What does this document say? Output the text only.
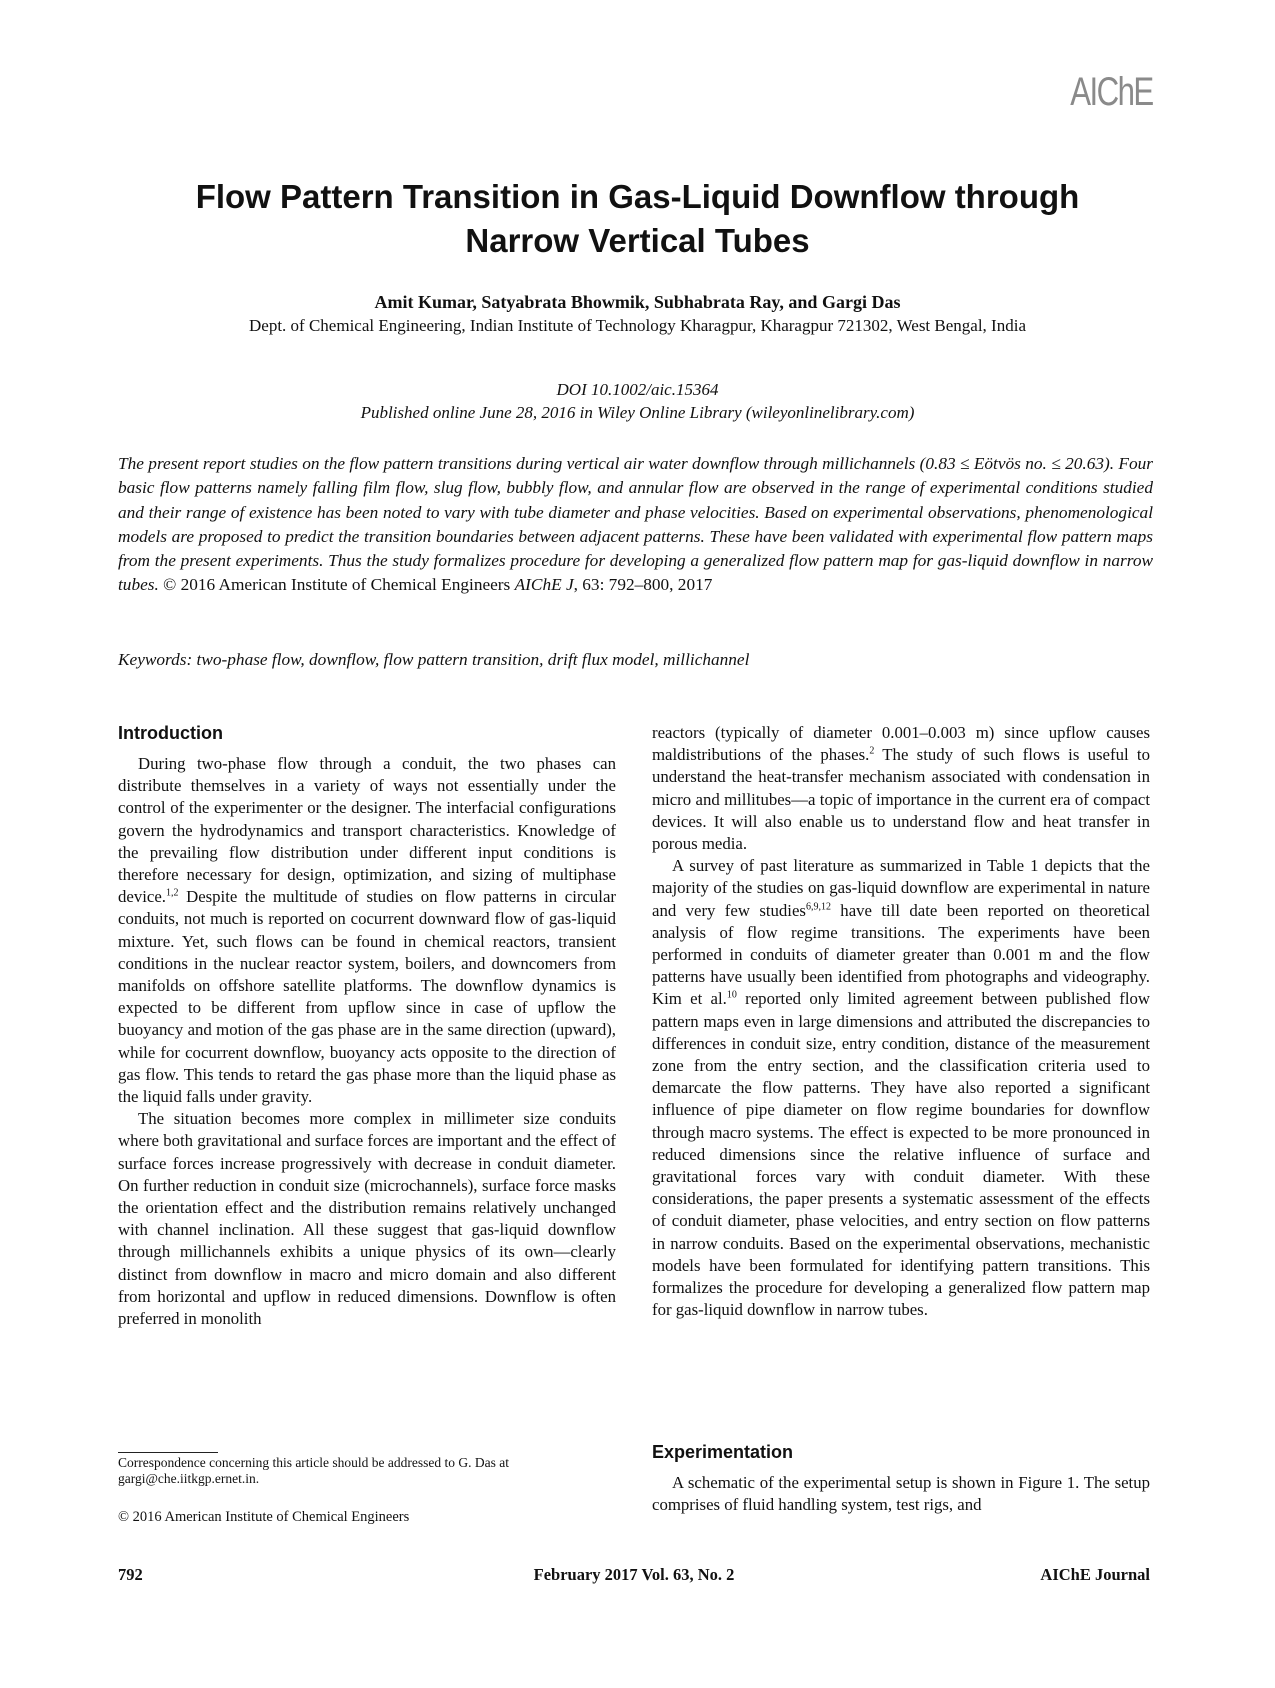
AIChE
Flow Pattern Transition in Gas-Liquid Downflow through
Narrow Vertical Tubes
Amit Kumar, Satyabrata Bhowmik, Subhabrata Ray, and Gargi Das
Dept. of Chemical Engineering, Indian Institute of Technology Kharagpur, Kharagpur 721302, West Bengal, India
DOI 10.1002/aic.15364
Published online June 28, 2016 in Wiley Online Library (wileyonlinelibrary.com)
The present report studies on the flow pattern transitions during vertical air water downflow through millichannels (0.83 ≤ Eötvös no. ≤ 20.63). Four basic flow patterns namely falling film flow, slug flow, bubbly flow, and annular flow are observed in the range of experimental conditions studied and their range of existence has been noted to vary with tube diameter and phase velocities. Based on experimental observations, phenomenological models are proposed to predict the transition boundaries between adjacent patterns. These have been validated with experimental flow pattern maps from the present experiments. Thus the study formalizes procedure for developing a generalized flow pattern map for gas-liquid downflow in narrow tubes. © 2016 American Institute of Chemical Engineers AIChE J, 63: 792–800, 2017
Keywords: two-phase flow, downflow, flow pattern transition, drift flux model, millichannel
Introduction

During two-phase flow through a conduit, the two phases can distribute themselves in a variety of ways not essentially under the control of the experimenter or the designer. The interfacial configurations govern the hydrodynamics and transport characteristics. Knowledge of the prevailing flow distribution under different input conditions is therefore necessary for design, optimization, and sizing of multiphase device.$^{1,2}$ Despite the multitude of studies on flow patterns in circular conduits, not much is reported on cocurrent downward flow of gas-liquid mixture. Yet, such flows can be found in chemical reactors, transient conditions in the nuclear reactor system, boilers, and downcomers from manifolds on offshore satellite platforms. The downflow dynamics is expected to be different from upflow since in case of upflow the buoyancy and motion of the gas phase are in the same direction (upward), while for cocurrent downflow, buoyancy acts opposite to the direction of gas flow. This tends to retard the gas phase more than the liquid phase as the liquid falls under gravity.

The situation becomes more complex in millimeter size conduits where both gravitational and surface forces are important and the effect of surface forces increase progressively with decrease in conduit diameter. On further reduction in conduit size (microchannels), surface force masks the orientation effect and the distribution remains relatively unchanged with channel inclination. All these suggest that gas-liquid downflow through millichannels exhibits a unique physics of its own—clearly distinct from downflow in macro and micro domain and also different from horizontal and upflow in reduced dimensions. Downflow is often preferred in monolith

reactors (typically of diameter 0.001–0.003 m) since upflow causes maldistributions of the phases.$^2$ The study of such flows is useful to understand the heat-transfer mechanism associated with condensation in micro and millitubes—a topic of importance in the current era of compact devices. It will also enable us to understand flow and heat transfer in porous media.

A survey of past literature as summarized in Table 1 depicts that the majority of the studies on gas-liquid downflow are experimental in nature and very few studies$^{6,9,12}$ have till date been reported on theoretical analysis of flow regime transitions. The experiments have been performed in conduits of diameter greater than 0.001 m and the flow patterns have usually been identified from photographs and videography. Kim et al.$^{10}$ reported only limited agreement between published flow pattern maps even in large dimensions and attributed the discrepancies to differences in conduit size, entry condition, distance of the measurement zone from the entry section, and the classification criteria used to demarcate the flow patterns. They have also reported a significant influence of pipe diameter on flow regime boundaries for downflow through macro systems. The effect is expected to be more pronounced in reduced dimensions since the relative influence of surface and gravitational forces vary with conduit diameter. With these considerations, the paper presents a systematic assessment of the effects of conduit diameter, phase velocities, and entry section on flow patterns in narrow conduits. Based on the experimental observations, mechanistic models have been formulated for identifying pattern transitions. This formalizes the procedure for developing a generalized flow pattern map for gas-liquid downflow in narrow tubes.

Experimentation

A schematic of the experimental setup is shown in Figure 1. The setup comprises of fluid handling system, test rigs, and

Correspondence concerning this article should be addressed to G. Das at gargi@che.iitkgp.ernet.in.
© 2016 American Institute of Chemical Engineers
792	February 2017 Vol. 63, No. 2	AIChE Journal
